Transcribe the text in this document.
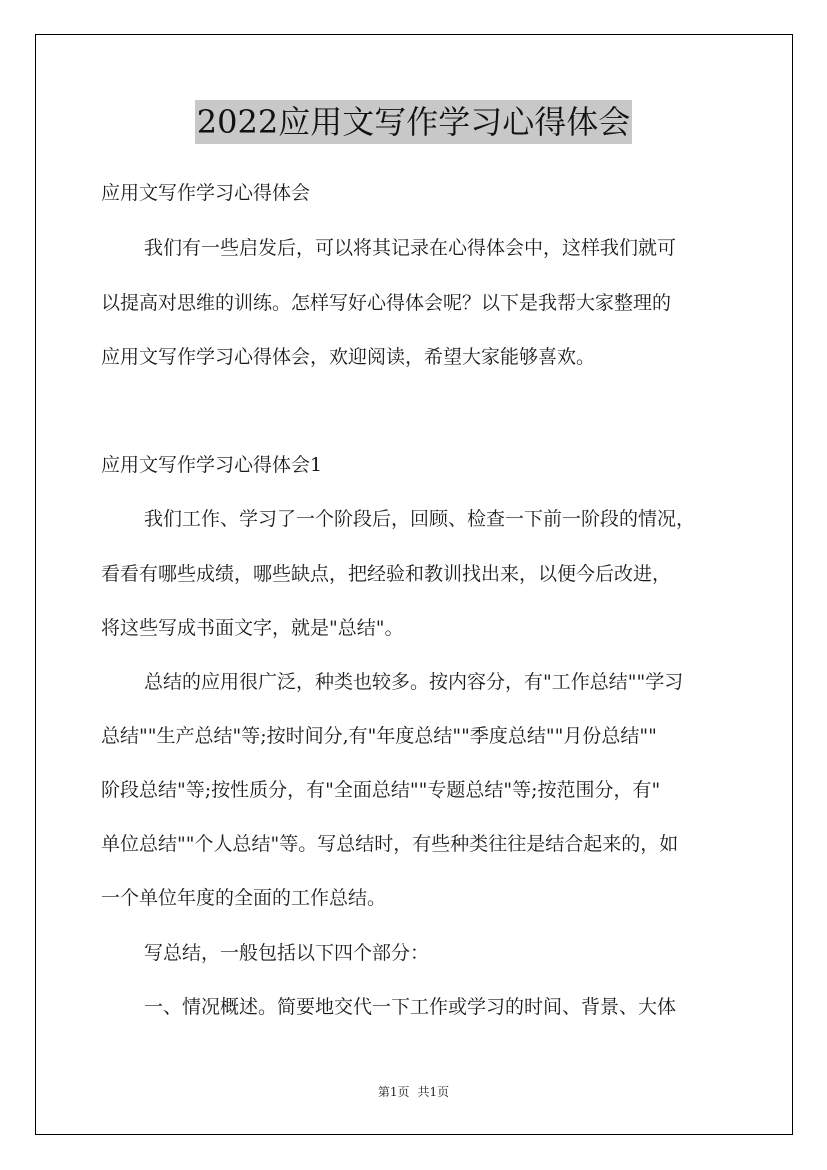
2022应用文写作学习心得体会
应用文写作学习心得体会
我们有一些启发后，可以将其记录在心得体会中，这样我们就可
以提高对思维的训练。怎样写好心得体会呢？以下是我帮大家整理的
应用文写作学习心得体会，欢迎阅读，希望大家能够喜欢。
应用文写作学习心得体会1
我们工作、学习了一个阶段后，回顾、检查一下前一阶段的情况，
看看有哪些成绩，哪些缺点，把经验和教训找出来，以便今后改进，
将这些写成书面文字，就是"总结"。
总结的应用很广泛，种类也较多。按内容分，有"工作总结""学习
总结""生产总结"等;按时间分,有"年度总结""季度总结""月份总结""
阶段总结"等;按性质分，有"全面总结""专题总结"等;按范围分，有"
单位总结""个人总结"等。写总结时，有些种类往往是结合起来的，如
一个单位年度的全面的工作总结。
写总结，一般包括以下四个部分：
一、情况概述。简要地交代一下工作或学习的时间、背景、大体
第1页 共1页
